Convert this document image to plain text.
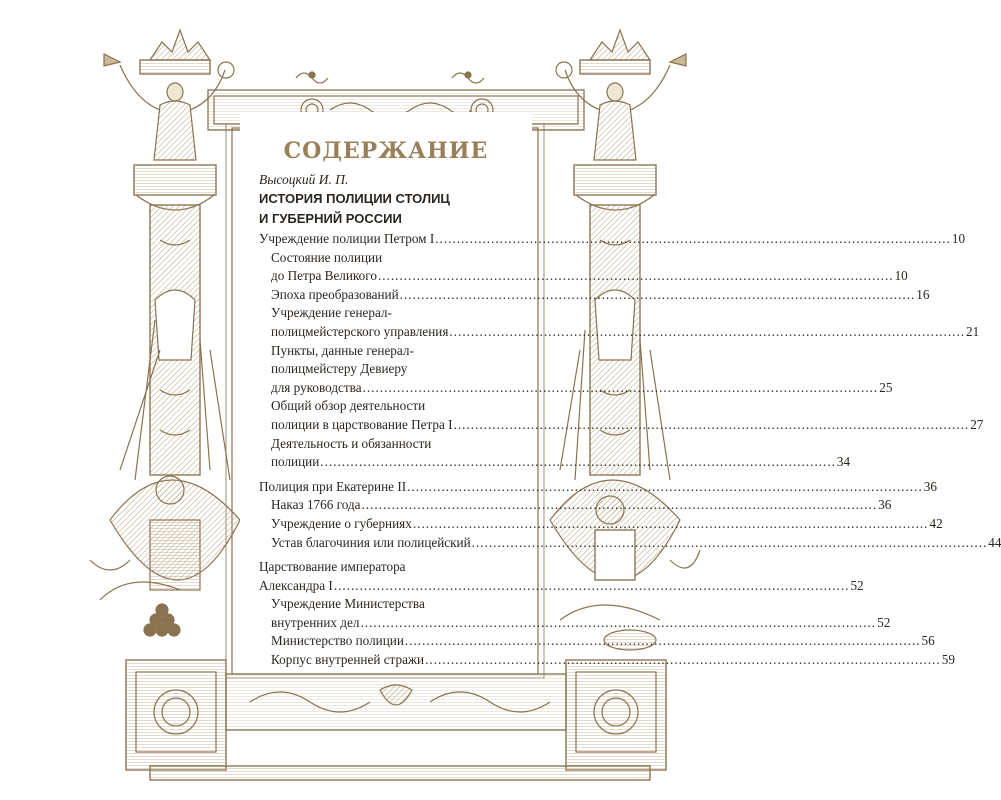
СОДЕРЖАНИЕ
Высоцкий И. П.
ИСТОРИЯ ПОЛИЦИИ СТОЛИЦ
И ГУБЕРНИЙ РОССИИ
Учреждение полиции Петром I ........................................................................................................................ 10
Состояние полиции
до Петра Великого ........................................................................................................................ 10
Эпоха преобразований ........................................................................................................................ 16
Учреждение генерал-
полицмейстерского управления ........................................................................................................................ 21
Пункты, данные генерал-
полицмейстеру Девиеру
для руководства ........................................................................................................................ 25
Общий обзор деятельности
полиции в царствование Петра I ........................................................................................................................ 27
Деятельность и обязанности
полиции ........................................................................................................................ 34
Полиция при Екатерине II ........................................................................................................................ 36
Наказ 1766 года ........................................................................................................................ 36
Учреждение о губерниях ........................................................................................................................ 42
Устав благочиния или полицейский ........................................................................................................................ 44
Царствование императора
Александра I ........................................................................................................................ 52
Учреждение Министерства
внутренних дел ........................................................................................................................ 52
Министерство полиции ........................................................................................................................ 56
Корпус внутренней стражи ........................................................................................................................ 59
